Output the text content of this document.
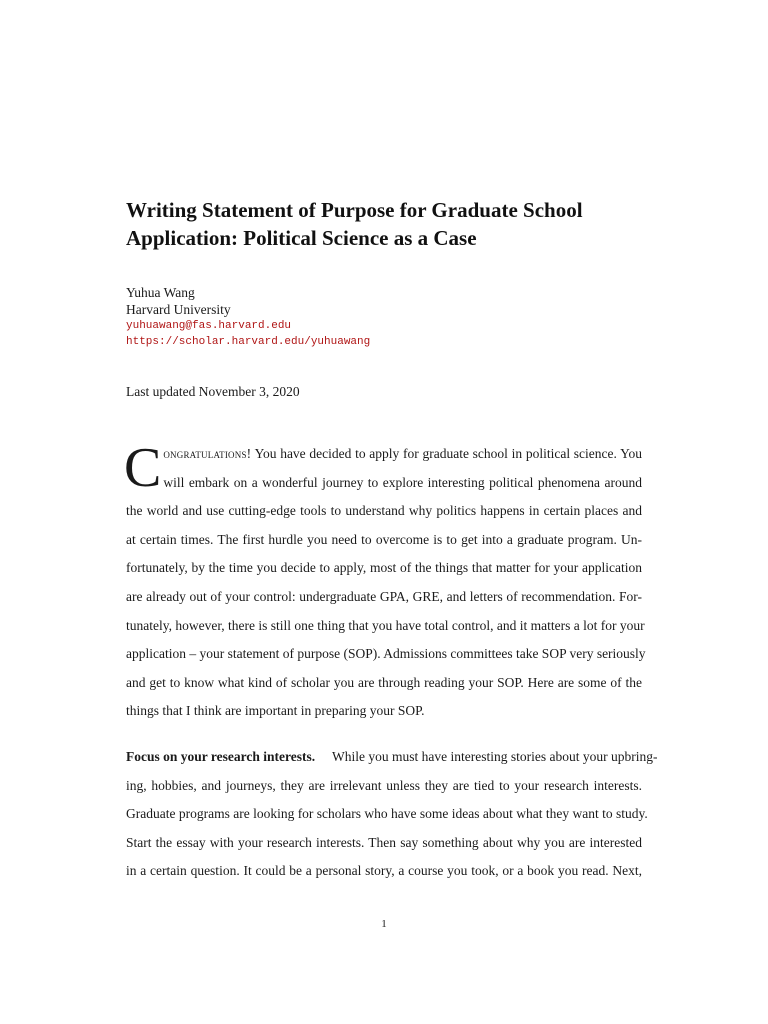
Writing Statement of Purpose for Graduate School
Application: Political Science as a Case
Yuhua Wang
Harvard University
yuhuawang@fas.harvard.edu
https://scholar.harvard.edu/yuhuawang
Last updated November 3, 2020
C ongratulations! You have decided to apply for graduate school in political science. You
will embark on a wonderful journey to explore interesting political phenomena around
the world and use cutting-edge tools to understand why politics happens in certain places and
at certain times. The first hurdle you need to overcome is to get into a graduate program. Un-
fortunately, by the time you decide to apply, most of the things that matter for your application
are already out of your control: undergraduate GPA, GRE, and letters of recommendation. For-
tunately, however, there is still one thing that you have total control, and it matters a lot for your
application – your statement of purpose (SOP). Admissions committees take SOP very seriously
and get to know what kind of scholar you are through reading your SOP. Here are some of the
things that I think are important in preparing your SOP.
Focus on your research interests. While you must have interesting stories about your upbring-
ing, hobbies, and journeys, they are irrelevant unless they are tied to your research interests.
Graduate programs are looking for scholars who have some ideas about what they want to study.
Start the essay with your research interests. Then say something about why you are interested
in a certain question. It could be a personal story, a course you took, or a book you read. Next,
1
